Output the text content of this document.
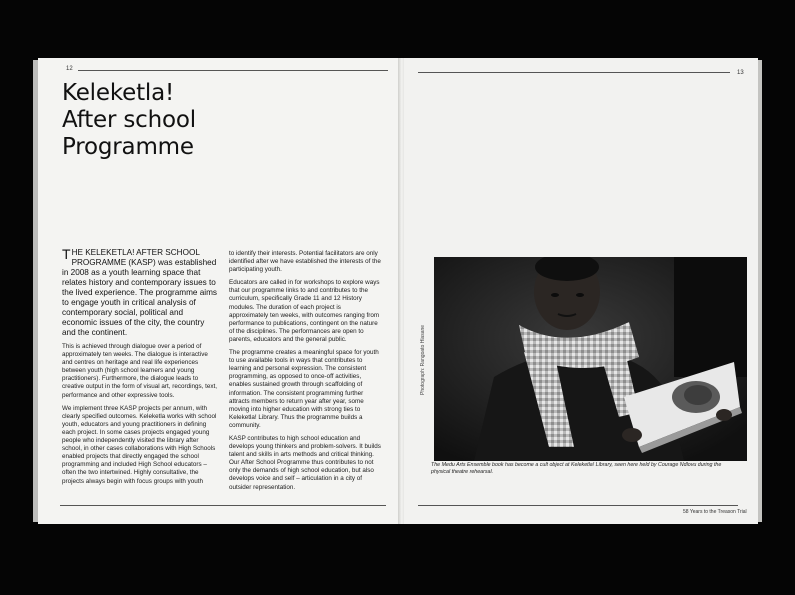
12
Keleketla!
After school
Programme

THE KELEKETLA! AFTER SCHOOL PROGRAMME (KASP) was established in 2008 as a youth learning space that relates history and contemporary issues to the lived experience. The programme aims to engage youth in critical analysis of contemporary social, political and economic issues of the city, the country and the continent.

This is achieved through dialogue over a period of approximately ten weeks. The dialogue is interactive and centres on heritage and real life experiences between youth (high school learners and young practitioners). Furthermore, the dialogue leads to creative output in the form of visual art, recordings, text, performance and other expressive tools.

We implement three KASP projects per annum, with clearly specified outcomes. Keleketla works with school youth, educators and young practitioners in defining each project. In some cases projects engaged young people who independently visited the library after school, in other cases collaborations with High Schools enabled projects that directly engaged the school programming and included High School educators – often the two intertwined. Highly consultative, the projects always begin with focus groups with youth

to identify their interests. Potential facilitators are only identified after we have established the interests of the participating youth.

Educators are called in for workshops to explore ways that our programme links to and contributes to the curriculum, specifically Grade 11 and 12 History modules. The duration of each project is approximately ten weeks, with outcomes ranging from performance to publications, contingent on the nature of the disciplines. The performances are open to parents, educators and the general public.

The programme creates a meaningful space for youth to use available tools in ways that contributes to learning and personal expression. The consistent programming, as opposed to once-off activities, enables sustained growth through scaffolding of information. The consistent programming further attracts members to return year after year, some moving into higher education with strong ties to Keleketla! Library. Thus the programme builds a community.

KASP contributes to high school education and develops young thinkers and problem-solvers. It builds talent and skills in arts methods and critical thinking. Our After School Programme thus contributes to not only the demands of high school education, but also develops voice and self – articulation in a city of outsider representation.

13
Photograph: Rangoato Hlasane
The Medu Arts Ensemble book has become a cult object at Keleketla! Library, seen here held by Courage Ndlovu during the physical theatre rehearsal.
58 Years to the Treason Trial
